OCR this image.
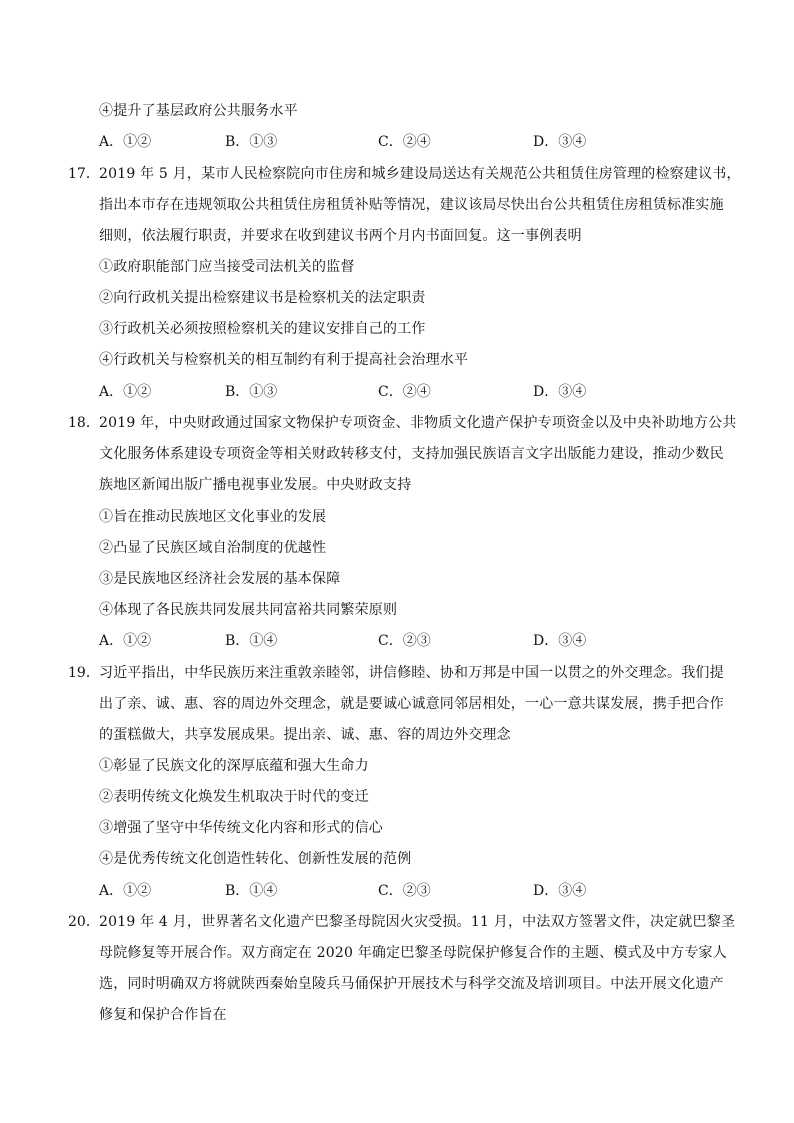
④提升了基层政府公共服务水平
A．①②	B．①③	C．②④	D．③④
17． 2019 年 5 月，某市人民检察院向市住房和城乡建设局送达有关规范公共租赁住房管理的检察建议书，
指出本市存在违规领取公共租赁住房租赁补贴等情况，建议该局尽快出台公共租赁住房租赁标准实施
细则，依法履行职责，并要求在收到建议书两个月内书面回复。这一事例表明
①政府职能部门应当接受司法机关的监督
②向行政机关提出检察建议书是检察机关的法定职责
③行政机关必须按照检察机关的建议安排自己的工作
④行政机关与检察机关的相互制约有利于提高社会治理水平
A．①②	B．①③	C．②④	D．③④
18． 2019 年，中央财政通过国家文物保护专项资金、非物质文化遗产保护专项资金以及中央补助地方公共
文化服务体系建设专项资金等相关财政转移支付，支持加强民族语言文字出版能力建设，推动少数民
族地区新闻出版广播电视事业发展。中央财政支持
①旨在推动民族地区文化事业的发展
②凸显了民族区域自治制度的优越性
③是民族地区经济社会发展的基本保障
④体现了各民族共同发展共同富裕共同繁荣原则
A．①②	B．①④	C．②③	D．③④
19． 习近平指出，中华民族历来注重敦亲睦邻，讲信修睦、协和万邦是中国一以贯之的外交理念。我们提
出了亲、诚、惠、容的周边外交理念，就是要诚心诚意同邻居相处，一心一意共谋发展，携手把合作
的蛋糕做大，共享发展成果。提出亲、诚、惠、容的周边外交理念
①彰显了民族文化的深厚底蕴和强大生命力
②表明传统文化焕发生机取决于时代的变迁
③增强了坚守中华传统文化内容和形式的信心
④是优秀传统文化创造性转化、创新性发展的范例
A．①②	B．①④	C．②③	D．③④
20． 2019 年 4 月，世界著名文化遗产巴黎圣母院因火灾受损。11 月，中法双方签署文件，决定就巴黎圣
母院修复等开展合作。双方商定在 2020 年确定巴黎圣母院保护修复合作的主题、模式及中方专家人
选，同时明确双方将就陕西秦始皇陵兵马俑保护开展技术与科学交流及培训项目。中法开展文化遗产
修复和保护合作旨在
